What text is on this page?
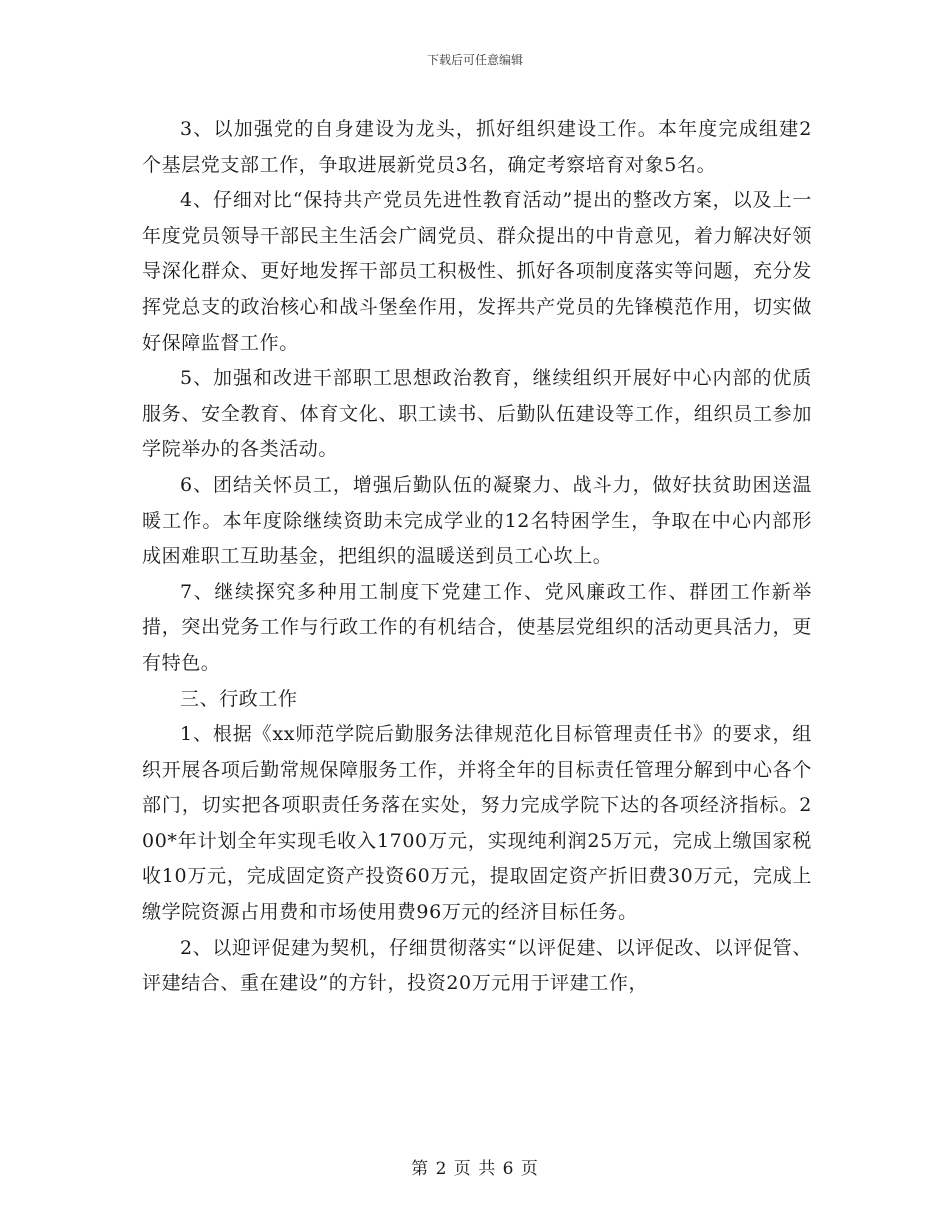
下载后可任意编辑

3、以加强党的自身建设为龙头，抓好组织建设工作。本年度完成组建2个基层党支部工作，争取进展新党员3名，确定考察培育对象5名。

4、仔细对比“保持共产党员先进性教育活动”提出的整改方案，以及上一年度党员领导干部民主生活会广阔党员、群众提出的中肯意见，着力解决好领导深化群众、更好地发挥干部员工积极性、抓好各项制度落实等问题，充分发挥党总支的政治核心和战斗堡垒作用，发挥共产党员的先锋模范作用，切实做好保障监督工作。

5、加强和改进干部职工思想政治教育，继续组织开展好中心内部的优质服务、安全教育、体育文化、职工读书、后勤队伍建设等工作，组织员工参加学院举办的各类活动。

6、团结关怀员工，增强后勤队伍的凝聚力、战斗力，做好扶贫助困送温暖工作。本年度除继续资助未完成学业的12名特困学生，争取在中心内部形成困难职工互助基金，把组织的温暖送到员工心坎上。

7、继续探究多种用工制度下党建工作、党风廉政工作、群团工作新举措，突出党务工作与行政工作的有机结合，使基层党组织的活动更具活力，更有特色。

三、行政工作

1、根据《xx师范学院后勤服务法律规范化目标管理责任书》的要求，组织开展各项后勤常规保障服务工作，并将全年的目标责任管理分解到中心各个部门，切实把各项职责任务落在实处，努力完成学院下达的各项经济指标。200*年计划全年实现毛收入1700万元，实现纯利润25万元，完成上缴国家税收10万元，完成固定资产投资60万元，提取固定资产折旧费30万元，完成上缴学院资源占用费和市场使用费96万元的经济目标任务。

2、以迎评促建为契机，仔细贯彻落实“以评促建、以评促改、以评促管、评建结合、重在建设”的方针，投资20万元用于评建工作，

第 2 页 共 6 页
